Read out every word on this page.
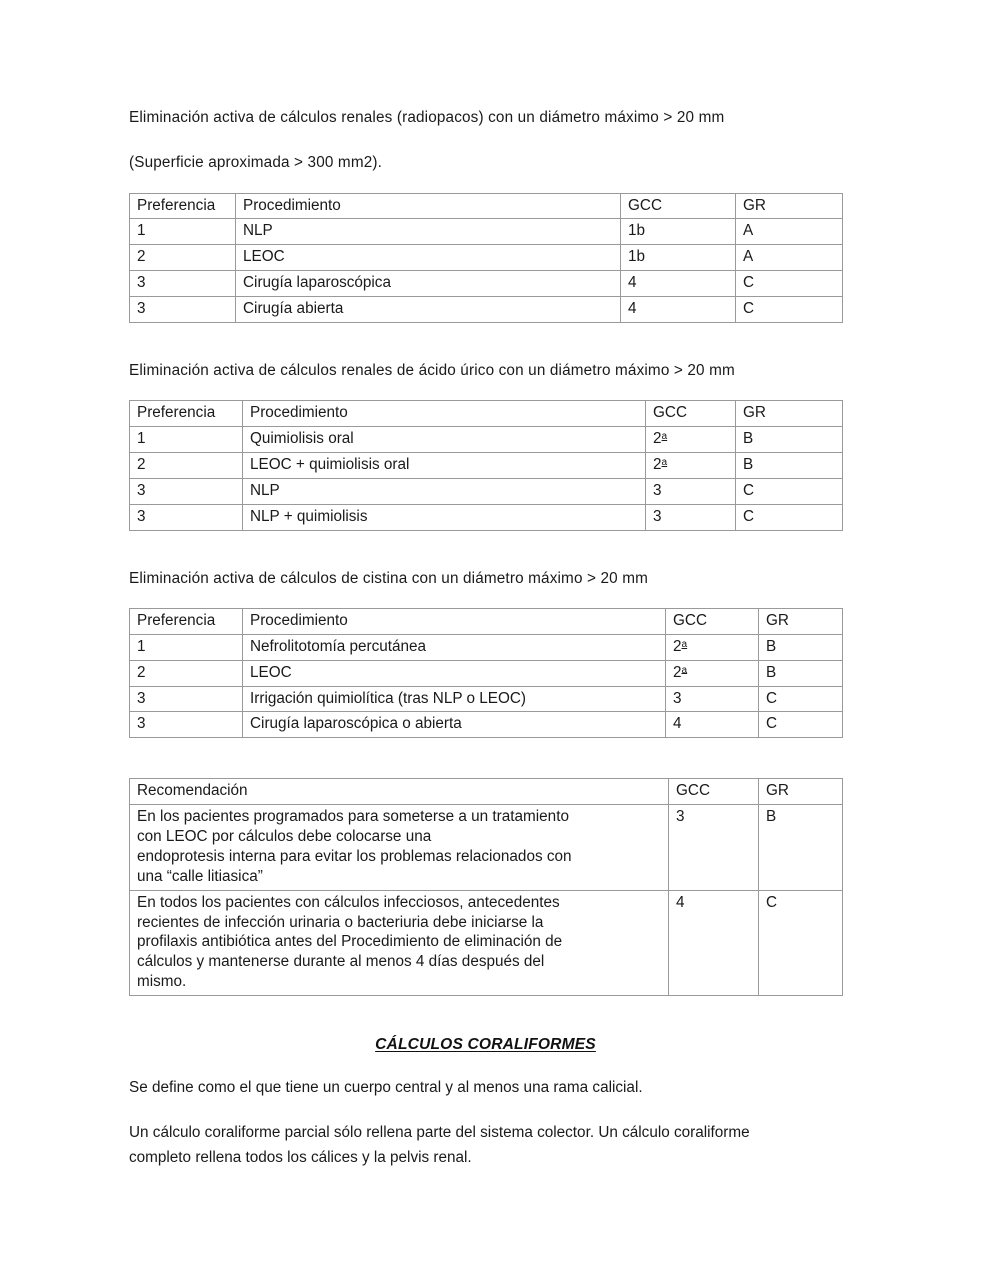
Eliminación activa de cálculos renales (radiopacos) con un diámetro máximo > 20 mm

(Superficie aproximada > 300 mm2).

Preferencia	Procedimiento	GCC	GR
1	NLP	1b	A
2	LEOC	1b	A
3	Cirugía laparoscópica	4	C
3	Cirugía abierta	4	C

Eliminación activa de cálculos renales de ácido úrico con un diámetro máximo > 20 mm

Preferencia	Procedimiento	GCC	GR
1	Quimiolisis oral	2$^a$	B
2	LEOC + quimiolisis oral	2$^a$	B
3	NLP	3	C
3	NLP + quimiolisis	3	C

Eliminación activa de cálculos de cistina con un diámetro máximo > 20 mm

Preferencia	Procedimiento	GCC	GR
1	Nefrolitotomía percutánea	2$^a$	B
2	LEOC	2$^a$	B
3	Irrigación quimiolítica (tras NLP o LEOC)	3	C
3	Cirugía laparoscópica o abierta	4	C
Recomendación	GCC	GR

En los pacientes programados para someterse a un tratamiento
con LEOC por cálculos debe colocarse una
endoprotesis interna para evitar los problemas relacionados con
una “calle litiasica”	3	B

En todos los pacientes con cálculos infecciosos, antecedentes
recientes de infección urinaria o bacteriuria debe iniciarse la
profilaxis antibiótica antes del Procedimiento de eliminación de
cálculos y mantenerse durante al menos 4 días después del
mismo.	4	C

CÁLCULOS CORALIFORMES

Se define como el que tiene un cuerpo central y al menos una rama calicial.

Un cálculo coraliforme parcial sólo rellena parte del sistema colector. Un cálculo coraliforme completo rellena todos los cálices y la pelvis renal.
